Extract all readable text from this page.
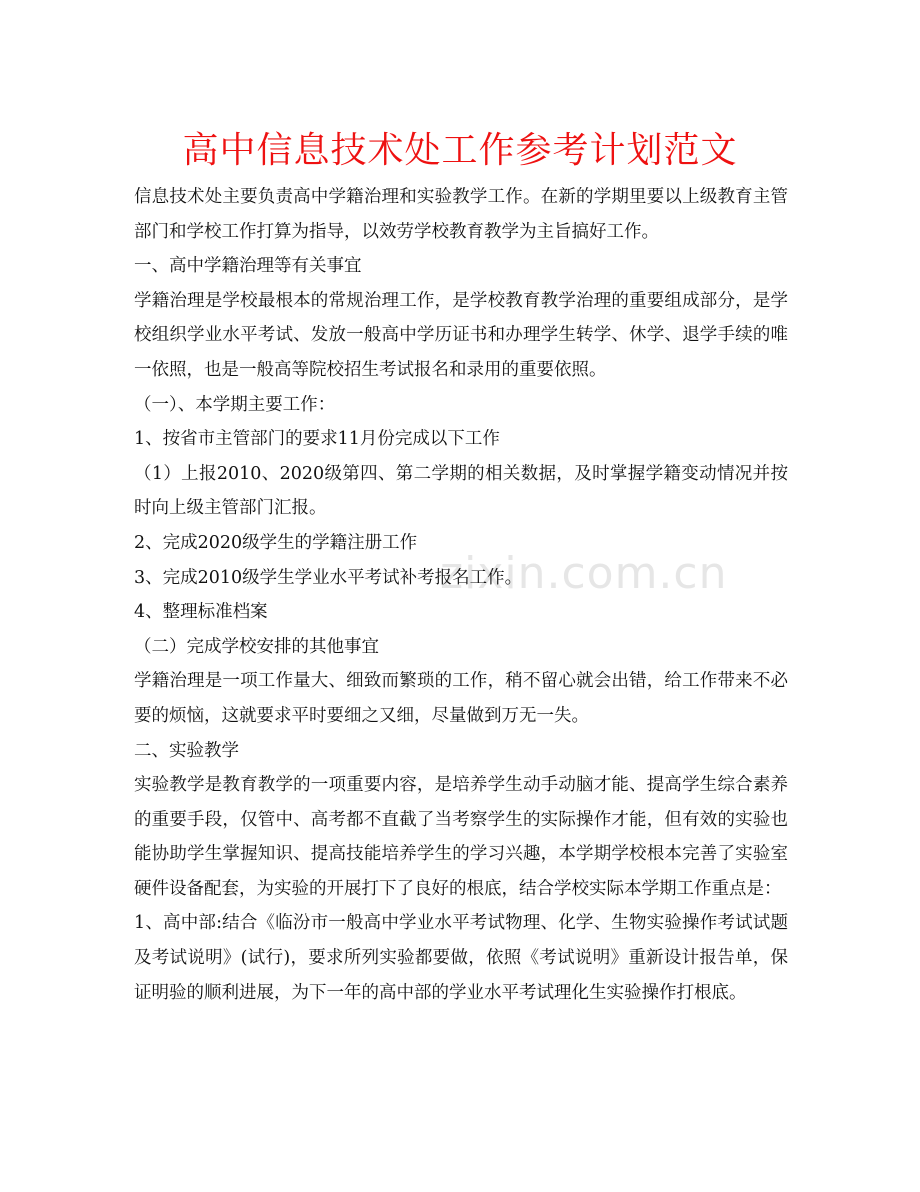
zixin.com.cn
高中信息技术处工作参考计划范文

信息技术处主要负责高中学籍治理和实验教学工作。在新的学期里要以上级教育主管部门和学校工作打算为指导，以效劳学校教育教学为主旨搞好工作。

一、高中学籍治理等有关事宜

学籍治理是学校最根本的常规治理工作，是学校教育教学治理的重要组成部分，是学校组织学业水平考试、发放一般高中学历证书和办理学生转学、休学、退学手续的唯一依照，也是一般高等院校招生考试报名和录用的重要依照。

（一）、本学期主要工作：

1、按省市主管部门的要求11月份完成以下工作

（1）上报2010、2020级第四、第二学期的相关数据，及时掌握学籍变动情况并按时向上级主管部门汇报。

2、完成2020级学生的学籍注册工作

3、完成2010级学生学业水平考试补考报名工作。

4、整理标准档案

（二）完成学校安排的其他事宜

学籍治理是一项工作量大、细致而繁琐的工作，稍不留心就会出错，给工作带来不必要的烦恼，这就要求平时要细之又细，尽量做到万无一失。

二、实验教学

实验教学是教育教学的一项重要内容，是培养学生动手动脑才能、提高学生综合素养的重要手段，仅管中、高考都不直截了当考察学生的实际操作才能，但有效的实验也能协助学生掌握知识、提高技能培养学生的学习兴趣，本学期学校根本完善了实验室硬件设备配套，为实验的开展打下了良好的根底，结合学校实际本学期工作重点是：

1、高中部:结合《临汾市一般高中学业水平考试物理、化学、生物实验操作考试试题及考试说明》(试行)，要求所列实验都要做，依照《考试说明》重新设计报告单，保证明验的顺利进展，为下一年的高中部的学业水平考试理化生实验操作打根底。
